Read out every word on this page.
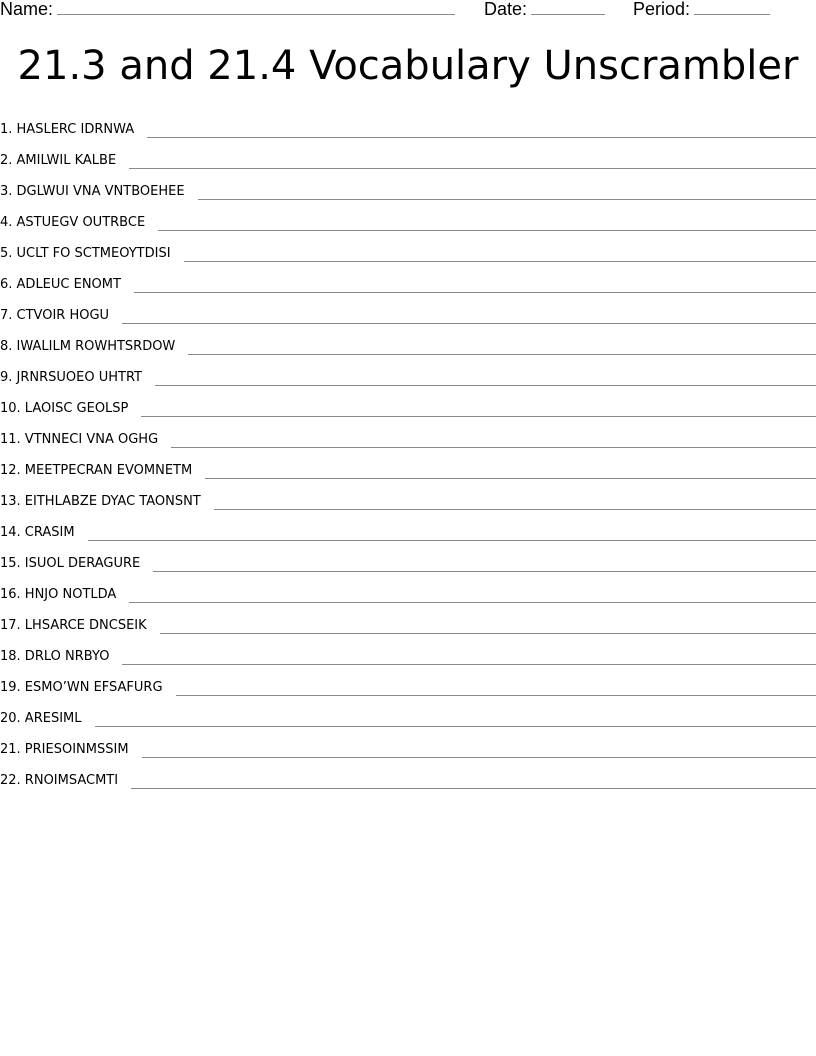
Name:	Date:	Period:
21.3 and 21.4 Vocabulary Unscrambler
1. HASLERC IDRNWA
2. AMILWIL KALBE
3. DGLWUI VNA VNTBOEHEE
4. ASTUEGV OUTRBCE
5. UCLT FO SCTMEOYTDISI
6. ADLEUC ENOMT
7. CTVOIR HOGU
8. IWALILM ROWHTSRDOW
9. JRNRSUOEO UHTRT
10. LAOISC GEOLSP
11. VTNNECI VNA OGHG
12. MEETPECRAN EVOMNETM
13. EITHLABZE DYAC TAONSNT
14. CRASIM
15. ISUOL DERAGURE
16. HNJO NOTLDA
17. LHSARCE DNCSEIK
18. DRLO NRBYO
19. ESMO’WN EFSAFURG
20. ARESIML
21. PRIESOINMSSIM
22. RNOIMSACMTI
